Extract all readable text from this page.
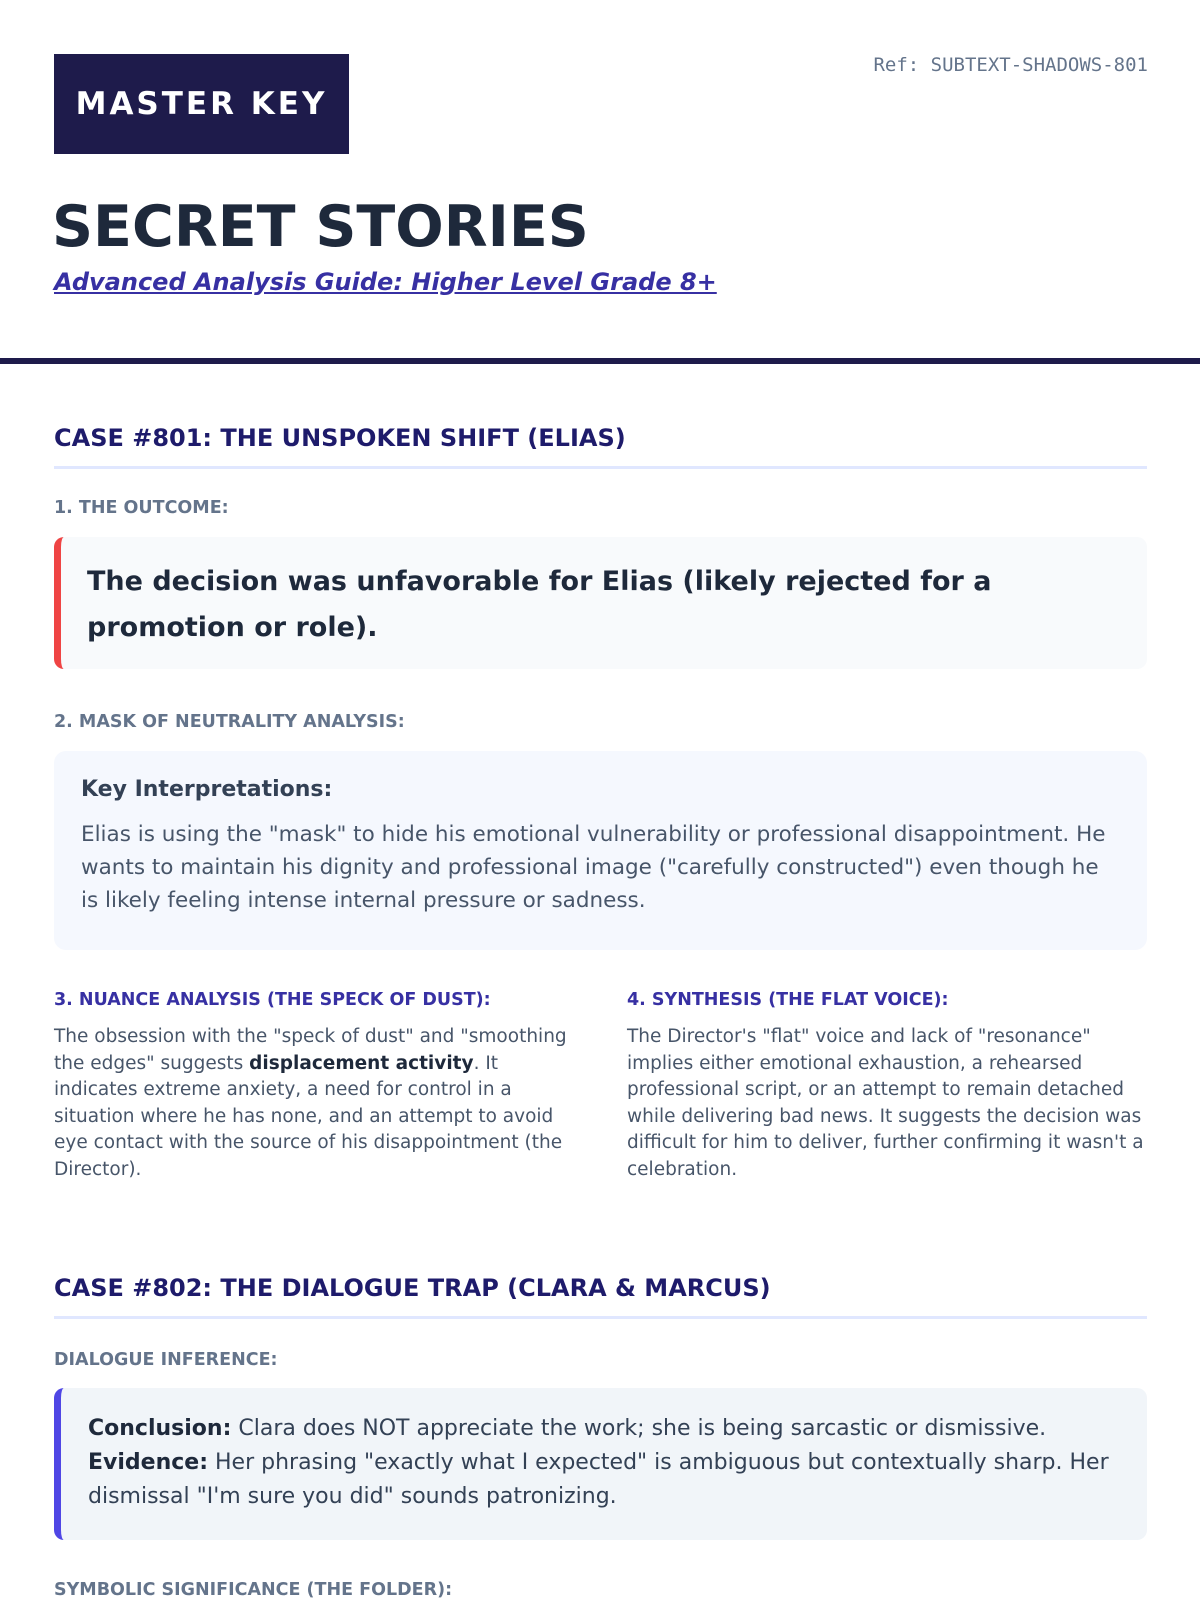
MASTER KEY
Ref: SUBTEXT-SHADOWS-801
SECRET STORIES
Advanced Analysis Guide: Higher Level Grade 8+
CASE #801: THE UNSPOKEN SHIFT (ELIAS)
1. THE OUTCOME:
The decision was unfavorable for Elias (likely rejected for a promotion or role).
2. MASK OF NEUTRALITY ANALYSIS:

Key Interpretations:

Elias is using the "mask" to hide his emotional vulnerability or professional disappointment. He wants to maintain his dignity and professional image ("carefully constructed") even though he is likely feeling intense internal pressure or sadness.

3. NUANCE ANALYSIS (THE SPECK OF DUST):

The obsession with the "speck of dust" and "smoothing the edges" suggests displacement activity. It indicates extreme anxiety, a need for control in a situation where he has none, and an attempt to avoid eye contact with the source of his disappointment (the Director).

4. SYNTHESIS (THE FLAT VOICE):

The Director's "flat" voice and lack of "resonance" implies either emotional exhaustion, a rehearsed professional script, or an attempt to remain detached while delivering bad news. It suggests the decision was difficult for him to deliver, further confirming it wasn't a celebration.

CASE #802: THE DIALOGUE TRAP (CLARA & MARCUS)
DIALOGUE INFERENCE:

Conclusion: Clara does NOT appreciate the work; she is being sarcastic or dismissive.

Evidence: Her phrasing "exactly what I expected" is ambiguous but contextually sharp. Her dismissal "I'm sure you did" sounds patronizing.

SYMBOLIC SIGNIFICANCE (THE FOLDER):
